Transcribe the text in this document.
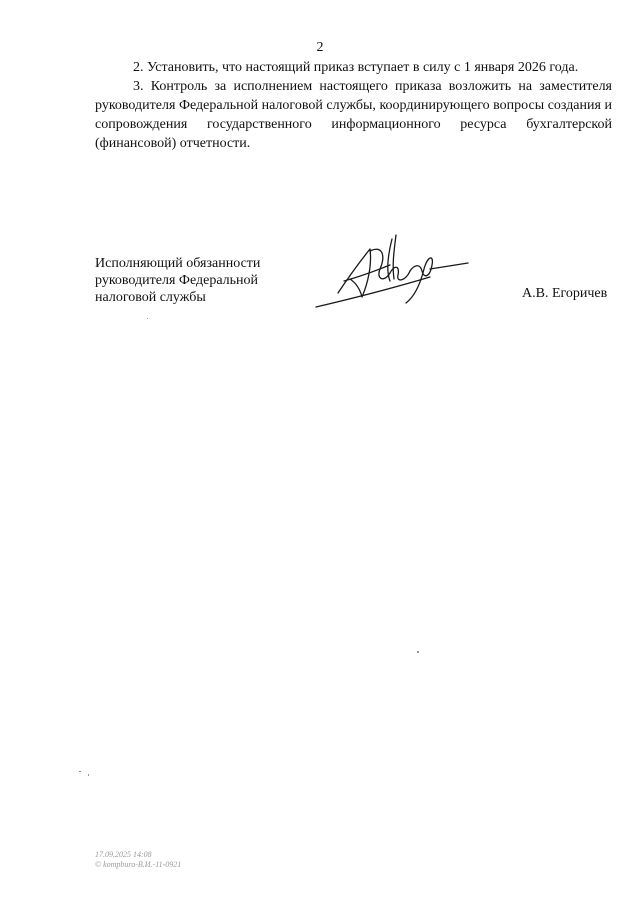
2

2. Установить, что настоящий приказ вступает в силу с 1 января 2026 года.

3. Контроль за исполнением настоящего приказа возложить на заместителя руководителя Федеральной налоговой службы, координирующего вопросы создания и сопровождения государственного информационного ресурса бухгалтерской (финансовой) отчетности.

Исполняющий обязанности
руководителя Федеральной
налоговой службы	А.В. Егоричев
17.09.2025 14:08
© kompburo-В.И.-11-0921
